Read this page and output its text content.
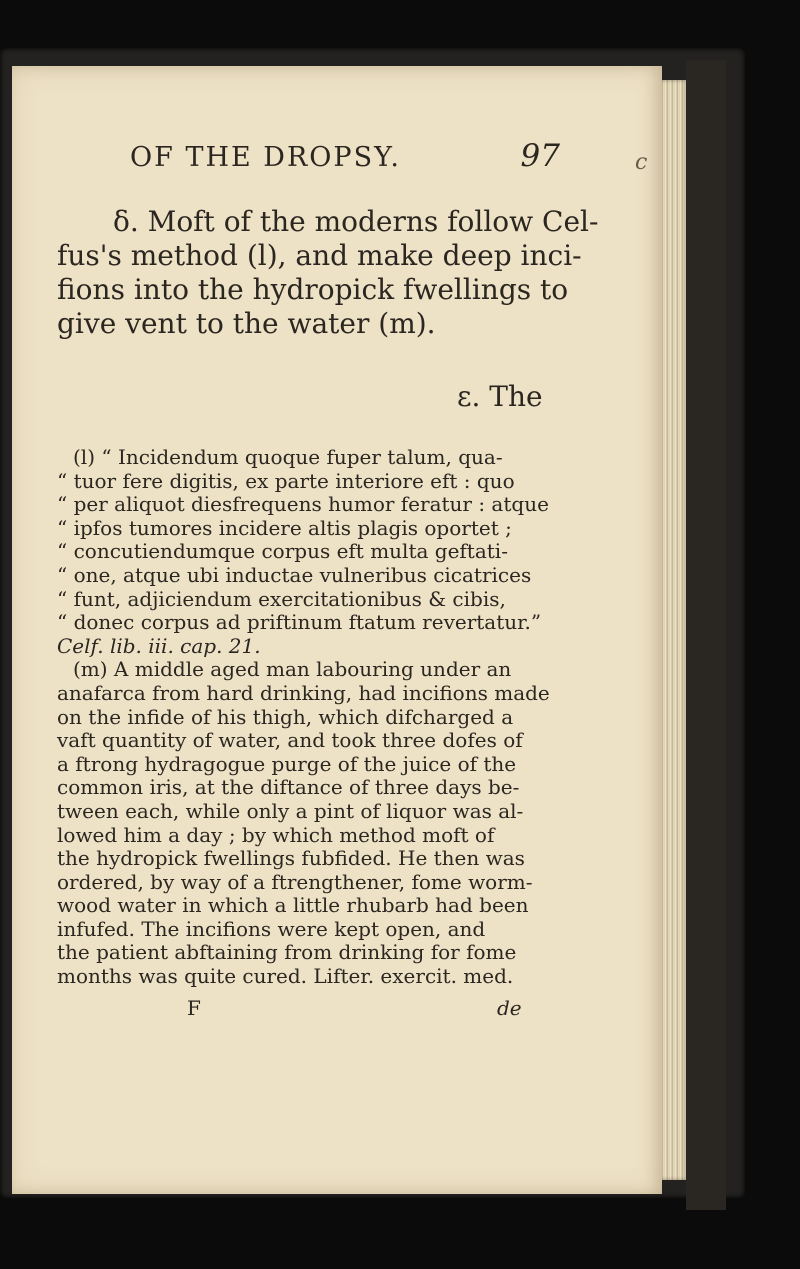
OF THE DROPSY.	97	c
δ. Moft of the moderns follow Cel-
fus's method (l), and make deep inci-
fions into the hydropick fwellings to
give vent to the water (m).
ε. The
(l) “ Incidendum quoque fuper talum, qua-
“ tuor fere digitis, ex parte interiore eft : quo
“ per aliquot diesfrequens humor feratur : atque
“ ipfos tumores incidere altis plagis oportet ;
“ concutiendumque corpus eft multa geftati-
“ one, atque ubi inductae vulneribus cicatrices
“ funt, adjiciendum exercitationibus & cibis,
“ donec corpus ad priftinum ftatum revertatur.”
Celf. lib. iii. cap. 21.
(m) A middle aged man labouring under an
anafarca from hard drinking, had incifions made
on the infide of his thigh, which difcharged a
vaft quantity of water, and took three dofes of
a ftrong hydragogue purge of the juice of the
common iris, at the diftance of three days be-
tween each, while only a pint of liquor was al-
lowed him a day ; by which method moft of
the hydropick fwellings fubfided. He then was
ordered, by way of a ftrengthener, fome worm-
wood water in which a little rhubarb had been
infufed. The incifions were kept open, and
the patient abftaining from drinking for fome
months was quite cured. Lifter. exercit. med.
F	de
